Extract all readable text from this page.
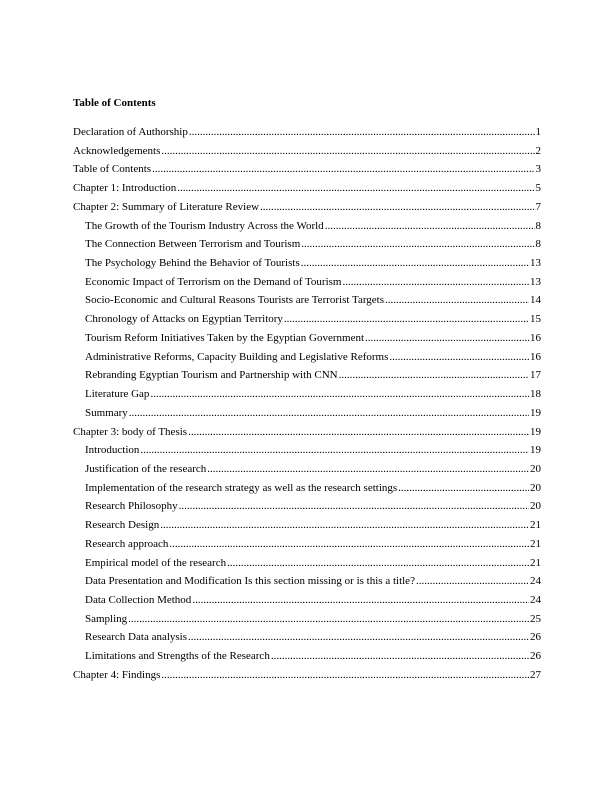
Table of Contents
Declaration of Authorship .....	1
Acknowledgements .....	2
Table of Contents .....	3
Chapter 1: Introduction .....	5
Chapter 2: Summary of Literature Review .....	7
The Growth of the Tourism Industry Across the World .....	8
The Connection Between Terrorism and Tourism .....	8
The Psychology Behind the Behavior of Tourists .....	13
Economic Impact of Terrorism on the Demand of Tourism .....	13
Socio-Economic and Cultural Reasons Tourists are Terrorist Targets .....	14
Chronology of Attacks on Egyptian Territory .....	15
Tourism Reform Initiatives Taken by the Egyptian Government .....	16
Administrative Reforms, Capacity Building and Legislative Reforms .....	16
Rebranding Egyptian Tourism and Partnership with CNN .....	17
Literature Gap .....	18
Summary .....	19
Chapter 3: body of Thesis .....	19
Introduction .....	19
Justification of the research .....	20
Implementation of the research strategy as well as the research settings .....	20
Research Philosophy .....	20
Research Design .....	21
Research approach .....	21
Empirical model of the research .....	21
Data Presentation and Modification Is this section missing or is this a title? .....	24
Data Collection Method .....	24
Sampling .....	25
Research Data analysis .....	26
Limitations and Strengths of the Research .....	26
Chapter 4: Findings .....	27
